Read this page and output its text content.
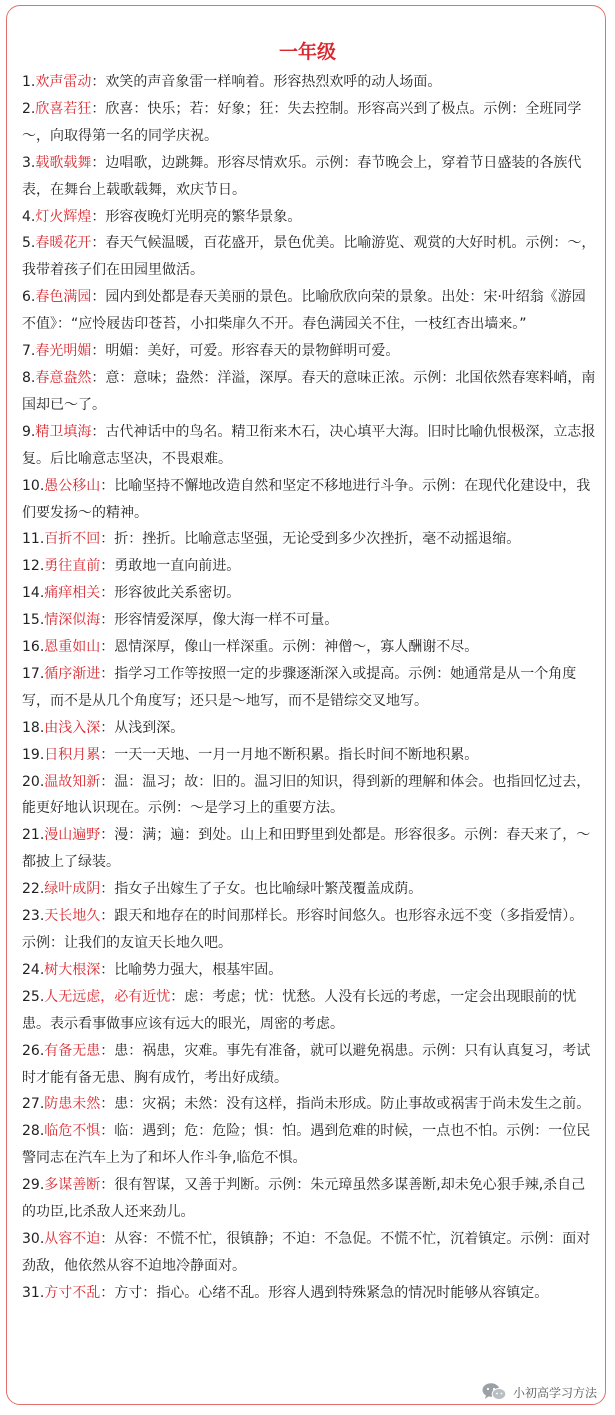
一年级

1.欢声雷动：欢笑的声音象雷一样响着。形容热烈欢呼的动人场面。

2.欣喜若狂：欣喜：快乐；若：好象；狂：失去控制。形容高兴到了极点。示例：全班同学～，向取得第一名的同学庆祝。

3.载歌载舞：边唱歌，边跳舞。形容尽情欢乐。示例：春节晚会上，穿着节日盛装的各族代表，在舞台上载歌载舞，欢庆节日。

4.灯火辉煌：形容夜晚灯光明亮的繁华景象。

5.春暖花开：春天气候温暖，百花盛开，景色优美。比喻游览、观赏的大好时机。示例：～，我带着孩子们在田园里做活。

6.春色满园：园内到处都是春天美丽的景色。比喻欣欣向荣的景象。出处：宋·叶绍翁《游园不值》：“应怜屐齿印苍苔，小扣柴扉久不开。春色满园关不住，一枝红杏出墙来。”

7.春光明媚：明媚：美好，可爱。形容春天的景物鲜明可爱。

8.春意盎然：意：意味；盎然：洋溢，深厚。春天的意味正浓。示例：北国依然春寒料峭，南国却已～了。

9.精卫填海：古代神话中的鸟名。精卫衔来木石，决心填平大海。旧时比喻仇恨极深，立志报复。后比喻意志坚决，不畏艰难。

10.愚公移山：比喻坚持不懈地改造自然和坚定不移地进行斗争。示例：在现代化建设中，我们要发扬～的精神。

11.百折不回：折：挫折。比喻意志坚强，无论受到多少次挫折，毫不动摇退缩。

12.勇往直前：勇敢地一直向前进。

14.痛痒相关：形容彼此关系密切。

15.情深似海：形容情爱深厚，像大海一样不可量。

16.恩重如山：恩情深厚，像山一样深重。示例：神僧～，寡人酬谢不尽。

17.循序渐进：指学习工作等按照一定的步骤逐渐深入或提高。示例：她通常是从一个角度写，而不是从几个角度写；还只是～地写，而不是错综交叉地写。

18.由浅入深：从浅到深。

19.日积月累：一天一天地、一月一月地不断积累。指长时间不断地积累。

20.温故知新：温：温习；故：旧的。温习旧的知识，得到新的理解和体会。也指回忆过去，能更好地认识现在。示例：～是学习上的重要方法。

21.漫山遍野：漫：满；遍：到处。山上和田野里到处都是。形容很多。示例：春天来了，～都披上了绿装。

22.绿叶成阴：指女子出嫁生了子女。也比喻绿叶繁茂覆盖成荫。

23.天长地久：跟天和地存在的时间那样长。形容时间悠久。也形容永远不变（多指爱情）。示例：让我们的友谊天长地久吧。

24.树大根深：比喻势力强大，根基牢固。

25.人无远虑，必有近忧：虑：考虑；忧：忧愁。人没有长远的考虑，一定会出现眼前的忧患。表示看事做事应该有远大的眼光，周密的考虑。

26.有备无患：患：祸患，灾难。事先有准备，就可以避免祸患。示例：只有认真复习，考试时才能有备无患、胸有成竹，考出好成绩。

27.防患未然：患：灾祸；未然：没有这样，指尚未形成。防止事故或祸害于尚未发生之前。

28.临危不惧：临：遇到；危：危险；惧：怕。遇到危难的时候，一点也不怕。示例：一位民警同志在汽车上为了和坏人作斗争,临危不惧。

29.多谋善断：很有智谋，又善于判断。示例：朱元璋虽然多谋善断,却未免心狠手辣,杀自己的功臣,比杀敌人还来劲儿。

30.从容不迫：从容：不慌不忙，很镇静；不迫：不急促。不慌不忙，沉着镇定。示例：面对劲敌，他依然从容不迫地冷静面对。

31.方寸不乱：方寸：指心。心绪不乱。形容人遇到特殊紧急的情况时能够从容镇定。

小初高学习方法
